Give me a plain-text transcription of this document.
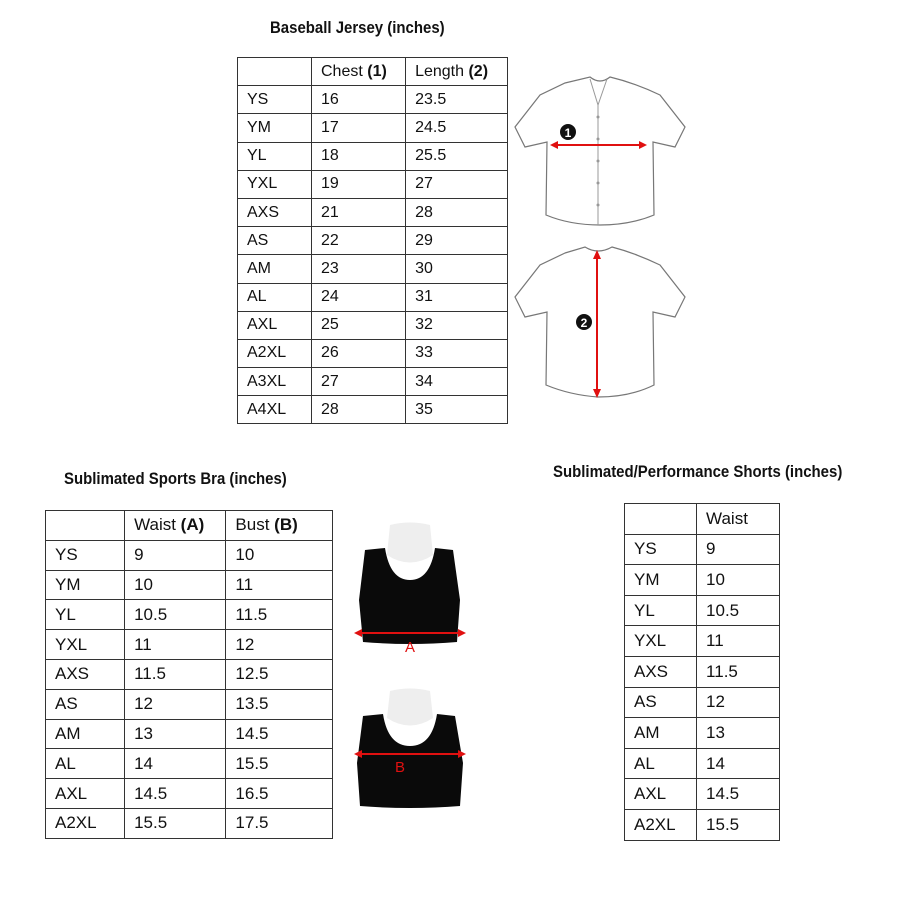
Baseball Jersey (inches)
	Chest (1)	Length (2)
YS	16	23.5
YM	17	24.5
YL	18	25.5
YXL	19	27
AXS	21	28
AS	22	29
AM	23	30
AL	24	31
AXL	25	32
A2XL	26	33
A3XL	27	34
A4XL	28	35
Sublimated Sports Bra (inches)
	Waist (A)	Bust (B)
YS	9	10
YM	10	11
YL	10.5	11.5
YXL	11	12
AXS	11.5	12.5
AS	12	13.5
AM	13	14.5
AL	14	15.5
AXL	14.5	16.5
A2XL	15.5	17.5
Sublimated/Performance Shorts (inches)
	Waist
YS	9
YM	10
YL	10.5
YXL	11
AXS	11.5
AS	12
AM	13
AL	14
AXL	14.5
A2XL	15.5
1
2
A
B
